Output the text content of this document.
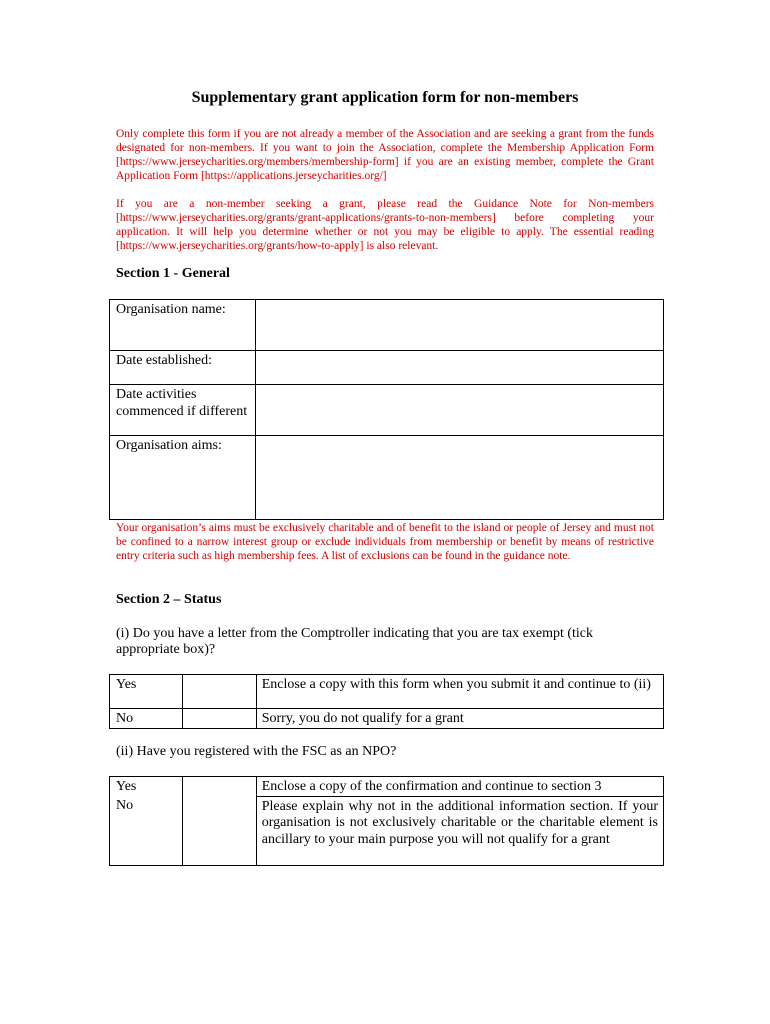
Supplementary grant application form for non-members

Only complete this form if you are not already a member of the Association and are seeking a grant from the funds designated for non-members. If you want to join the Association, complete the Membership Application Form [https://www.jerseycharities.org/members/membership-form] if you are an existing member, complete the Grant Application Form [https://applications.jerseycharities.org/]

If you are a non-member seeking a grant, please read the Guidance Note for Non-members [https://www.jerseycharities.org/grants/grant-applications/grants-to-non-members] before completing your application. It will help you determine whether or not you may be eligible to apply. The essential reading [https://www.jerseycharities.org/grants/how-to-apply] is also relevant.

Section 1 - General
Organisation name:	
Date established:	
Date activities commenced if different	
Organisation aims:	

Your organisation’s aims must be exclusively charitable and of benefit to the island or people of Jersey and must not be confined to a narrow interest group or exclude individuals from membership or benefit by means of restrictive entry criteria such as high membership fees. A list of exclusions can be found in the guidance note.

Section 2 – Status

(i) Do you have a letter from the Comptroller indicating that you are tax exempt (tick appropriate box)?

Yes		Enclose a copy with this form when you submit it and continue to (ii)
No		Sorry, you do not qualify for a grant

(ii) Have you registered with the FSC as an NPO?

Yes		Enclose a copy of the confirmation and continue to section 3
No		Please explain why not in the additional information section. If your organisation is not exclusively charitable or the charitable element is ancillary to your main purpose you will not qualify for a grant
